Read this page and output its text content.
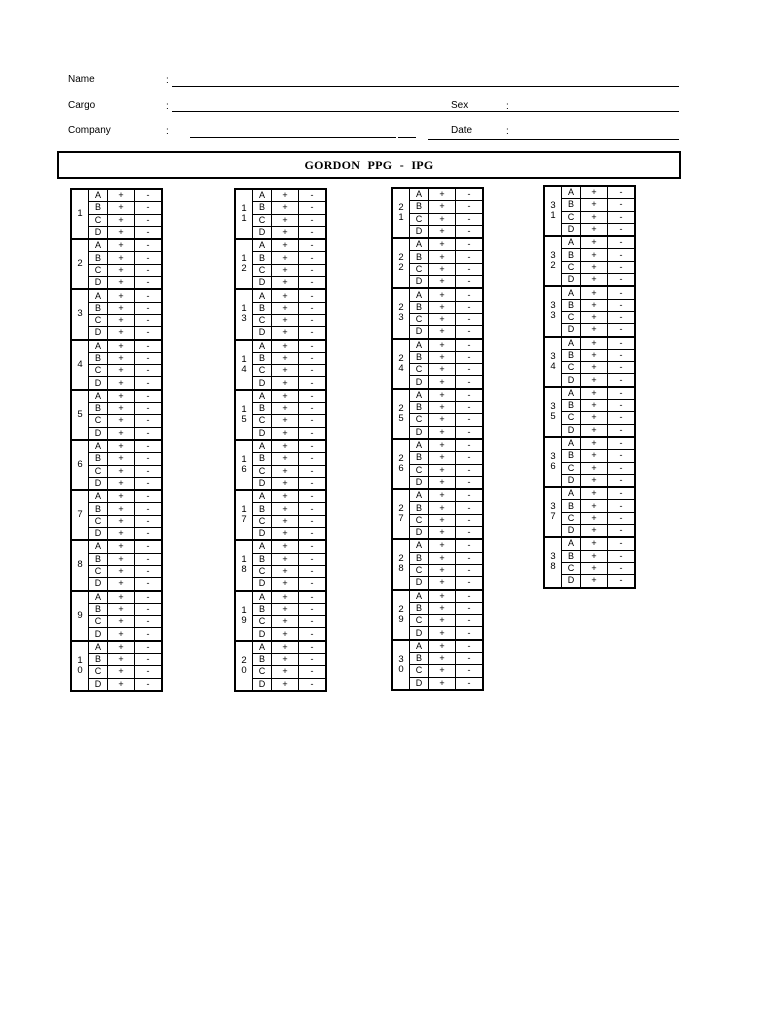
Name	:
Cargo	:	Sex	:
Company	:	Date	:
GORDON PPG - IPG
1	A	+	-
	B	+	-
	C	+	-
	D	+	-

2	A	+	-
	B	+	-
	C	+	-
	D	+	-

3	A	+	-
	B	+	-
	C	+	-
	D	+	-

4	A	+	-
	B	+	-
	C	+	-
	D	+	-

5	A	+	-
	B	+	-
	C	+	-
	D	+	-

6	A	+	-
	B	+	-
	C	+	-
	D	+	-

7	A	+	-
	B	+	-
	C	+	-
	D	+	-

8	A	+	-
	B	+	-
	C	+	-
	D	+	-

9	A	+	-
	B	+	-
	C	+	-
	D	+	-

1
0	A	+	-
	B	+	-
	C	+	-
	D	+	-
1
1	A	+	-
	B	+	-
	C	+	-
	D	+	-

1
2	A	+	-
	B	+	-
	C	+	-
	D	+	-

1
3	A	+	-
	B	+	-
	C	+	-
	D	+	-

1
4	A	+	-
	B	+	-
	C	+	-
	D	+	-

1
5	A	+	-
	B	+	-
	C	+	-
	D	+	-

1
6	A	+	-
	B	+	-
	C	+	-
	D	+	-

1
7	A	+	-
	B	+	-
	C	+	-
	D	+	-

1
8	A	+	-
	B	+	-
	C	+	-
	D	+	-

1
9	A	+	-
	B	+	-
	C	+	-
	D	+	-

2
0	A	+	-
	B	+	-
	C	+	-
	D	+	-
2
1	A	+	-
	B	+	-
	C	+	-
	D	+	-

2
2	A	+	-
	B	+	-
	C	+	-
	D	+	-

2
3	A	+	-
	B	+	-
	C	+	-
	D	+	-

2
4	A	+	-
	B	+	-
	C	+	-
	D	+	-

2
5	A	+	-
	B	+	-
	C	+	-
	D	+	-

2
6	A	+	-
	B	+	-
	C	+	-
	D	+	-

2
7	A	+	-
	B	+	-
	C	+	-
	D	+	-

2
8	A	+	-
	B	+	-
	C	+	-
	D	+	-

2
9	A	+	-
	B	+	-
	C	+	-
	D	+	-

3
0	A	+	-
	B	+	-
	C	+	-
	D	+	-
3
1	A	+	-
	B	+	-
	C	+	-
	D	+	-

3
2	A	+	-
	B	+	-
	C	+	-
	D	+	-

3
3	A	+	-
	B	+	-
	C	+	-
	D	+	-

3
4	A	+	-
	B	+	-
	C	+	-
	D	+	-

3
5	A	+	-
	B	+	-
	C	+	-
	D	+	-

3
6	A	+	-
	B	+	-
	C	+	-
	D	+	-

3
7	A	+	-
	B	+	-
	C	+	-
	D	+	-

3
8	A	+	-
	B	+	-
	C	+	-
	D	+	-
